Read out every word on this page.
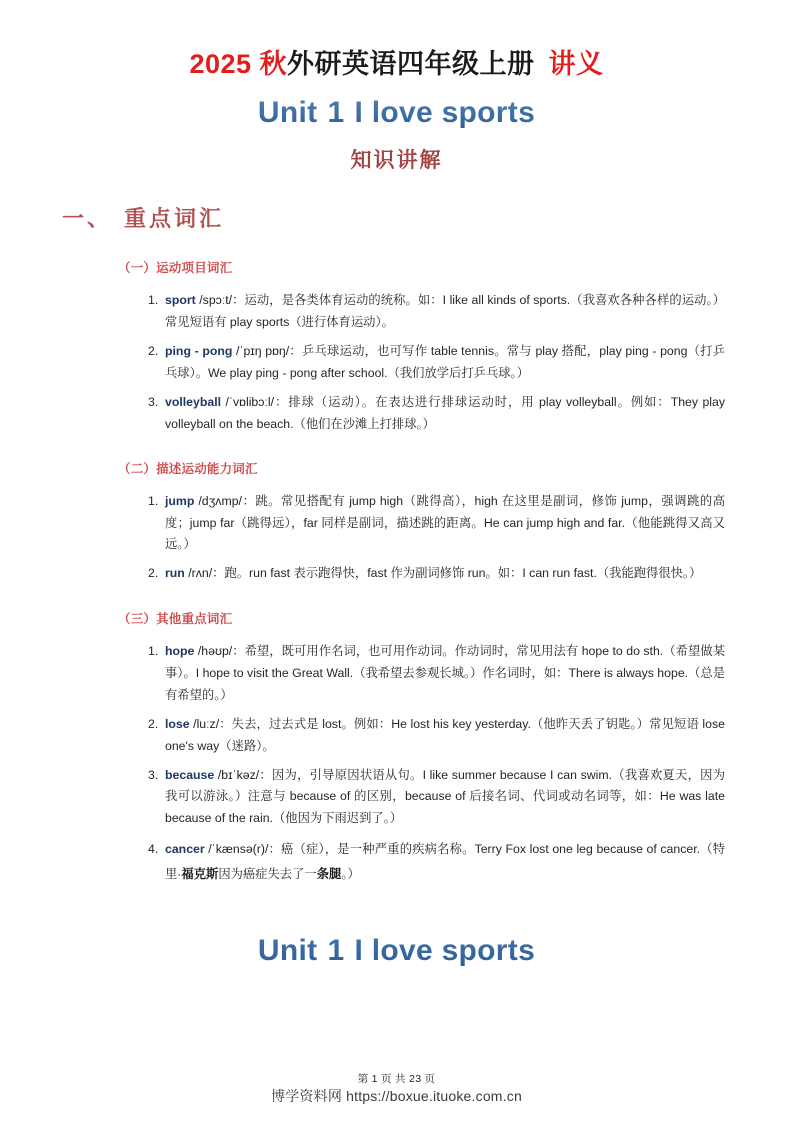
2025 秋外研英语四年级上册 讲义
Unit 1 I love sports
知识讲解
一、 重点词汇
（一）运动项目词汇
1. sport /spɔːt/：运动，是各类体育运动的统称。如：I like all kinds of sports.（我喜欢各种各样的运动。）常见短语有 play sports（进行体育运动）。
2. ping - pong /ˈpɪŋ pɒŋ/：乒乓球运动，也可写作 table tennis。常与 play 搭配，play ping - pong（打乒乓球）。We play ping - pong after school.（我们放学后打乒乓球。）
3. volleyball /ˈvɒlibɔːl/：排球（运动）。在表达进行排球运动时，用 play volleyball。例如：They play volleyball on the beach.（他们在沙滩上打排球。）
（二）描述运动能力词汇
1. jump /dʒʌmp/：跳。常见搭配有 jump high（跳得高），high 在这里是副词，修饰 jump，强调跳的高度；jump far（跳得远），far 同样是副词，描述跳的距离。He can jump high and far.（他能跳得又高又远。）
2. run /rʌn/：跑。run fast 表示跑得快，fast 作为副词修饰 run。如：I can run fast.（我能跑得很快。）
（三）其他重点词汇
1. hope /həʊp/：希望，既可用作名词，也可用作动词。作动词时，常见用法有 hope to do sth.（希望做某事）。I hope to visit the Great Wall.（我希望去参观长城。）作名词时，如：There is always hope.（总是有希望的。）
2. lose /luːz/：失去，过去式是 lost。例如：He lost his key yesterday.（他昨天丢了钥匙。）常见短语 lose one's way（迷路）。
3. because /bɪˈkəz/：因为，引导原因状语从句。I like summer because I can swim.（我喜欢夏天，因为我可以游泳。）注意与 because of 的区别，because of 后接名词、代词或动名词等，如：He was late because of the rain.（他因为下雨迟到了。）
4. cancer /ˈkænsə(r)/：癌（症），是一种严重的疾病名称。Terry Fox lost one leg because of cancer.（特里·福克斯因为癌症失去了一条腿。）
Unit 1 I love sports
第 1 页 共 23 页
博学资料网 https://boxue.ituoke.com.cn
